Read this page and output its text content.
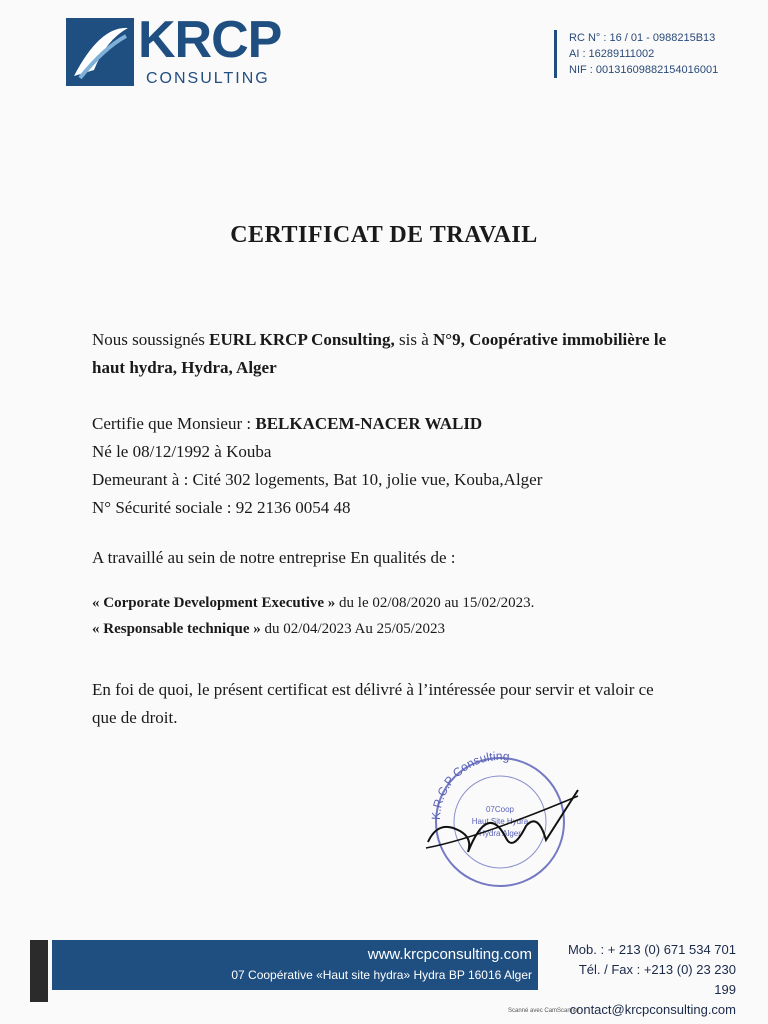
KRCP
CONSULTING
RC N° : 16 / 01 - 0988215B13
AI : 16289111002
NIF : 00131609882154016001
CERTIFICAT DE TRAVAIL
Nous soussignés EURL KRCP Consulting, sis à N°9, Coopérative immobilière le haut hydra, Hydra, Alger
Certifie que Monsieur : BELKACEM-NACER WALID
Né le 08/12/1992 à Kouba
Demeurant à : Cité 302 logements, Bat 10, jolie vue, Kouba,Alger
N° Sécurité sociale : 92 2136 0054 48
A travaillé au sein de notre entreprise En qualités de :
« Corporate Development Executive » du le 02/08/2020 au 15/02/2023.
« Responsable technique » du 02/04/2023 Au 25/05/2023
En foi de quoi, le présent certificat est délivré à l’intéressée pour servir et valoir ce que de droit.
K.R.C.P Consulting
07Coop
Haut Site Hydra
Hydra Alger
www.krcpconsulting.com
07 Coopérative «Haut site hydra» Hydra BP 16016 Alger
Mob. : + 213 (0) 671 534 701
Tél. / Fax : +213 (0) 23 230 199
contact@krcpconsulting.com
Scanné avec CamScanner
